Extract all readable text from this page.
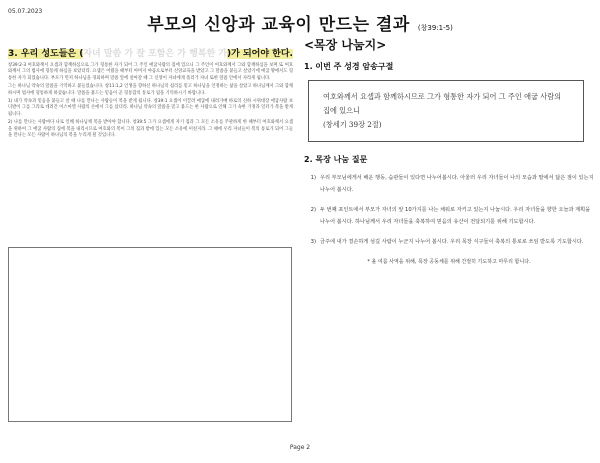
05.07.2023
부모의 신앙과 교육이 만드는 결과 (창39:1-5)
3. 우리 성도들은 (자녀 말씀 가 잘 포함은 가 행복한 가)가 되어야 한다.

창39:2-3 여호와께서 요셉과 함께하심으로 그가 형통한 자가 되어 그 주인 애굽사람의 집에 있으니 그 주인이 여호와께서 그와 함께하심을 보며 또 여호와께서 그의 범사에 형통케 하심을 보았더라. 요셉은 어렸을 때부터 아버지 야곱으로부터 신앙교육을 받았고 그 말씀을 붙들고 살았기에 애굽 땅에서도 형통한 자가 되었습니다. 부모가 먼저 하나님을 경외하며 말씀 앞에 살아갈 때 그 신앙이 자녀에게 흘러가 자녀 또한 말씀 안에서 자라게 됩니다.

그는 하나님 약속의 말씀을 기억하고 붙들었습니다. 창11:1,2 인생을 향하신 하나님의 섭리를 믿고 하나님을 인정하는 삶을 살았고 하나님께서 그와 함께하시며 범사에 형통하게 하셨습니다. 말씀을 붙드는 믿음이 곧 형통함의 통로가 됨을 기억하시기 바랍니다.

1) 내가 약속과 믿음을 붙들고 살 때 나를 만나는 사람들이 복을 받게 됩니다. 창39:1 요셉이 이끌려 애굽에 내려가매 바로의 신하 시위대장 애굽사람 보디발이 그를 그리로 데려간 이스마엘 사람의 손에서 그를 샀더라. 하나님 약속의 말씀을 믿고 붙드는 한 사람으로 인해 그가 속한 가정과 일터가 복을 받게 됩니다.

2) 나를 만나는 사람마다 나로 인해 하나님께 복을 받아야 합니다. 창39:5 그가 요셉에게 자기 집과 그 모든 소유를 주관하게 한 때부터 여호와께서 요셉을 위하여 그 애굽 사람의 집에 복을 내리시므로 여호와의 복이 그의 집과 밭에 있는 모든 소유에 미친지라. 그 때에 우리 자녀들이 복의 통로가 되어 그들을 만나는 모든 사람이 하나님의 복을 누리게 될 것입니다.

<목장 나눔지>
1. 이번 주 성경 암송구절
여호와께서 요셉과 함께하시므로 그가 형통한 자가 되어 그 주인 애굽 사람의 집에 있으니
(창세기 39장 2절)
2. 목장 나눔 질문
1) 우리 부모님에게서 배운 행동, 습관들이 있다면 나누어봅시다. 아울러 우리 자녀들이 나의 모습과 말에서 닮은 점이 있는지 나누어 봅시다.
2) 두 번째 포인트에서 부모가 자녀의 앞 10가지를 나는 채워로 자키고 있는지 나눕시다. 우리 자녀들을 향한 오늘과 계획을 나누어 봅시다. 하나님께서 우리 자녀들을 축복하여 믿음의 유산이 전달되기를 위해 기도합시다.
3) 금주에 내가 결손하게 섬길 사람이 누군지 나누어 봅시다. 우리 목장 식구들이 축복의 통로로 쓰임 받도록 기도합시다.
* 올 여름 사역을 위해, 목장 공동체를 위해 간절히 기도하고 마무리 합니다.
Page 2
